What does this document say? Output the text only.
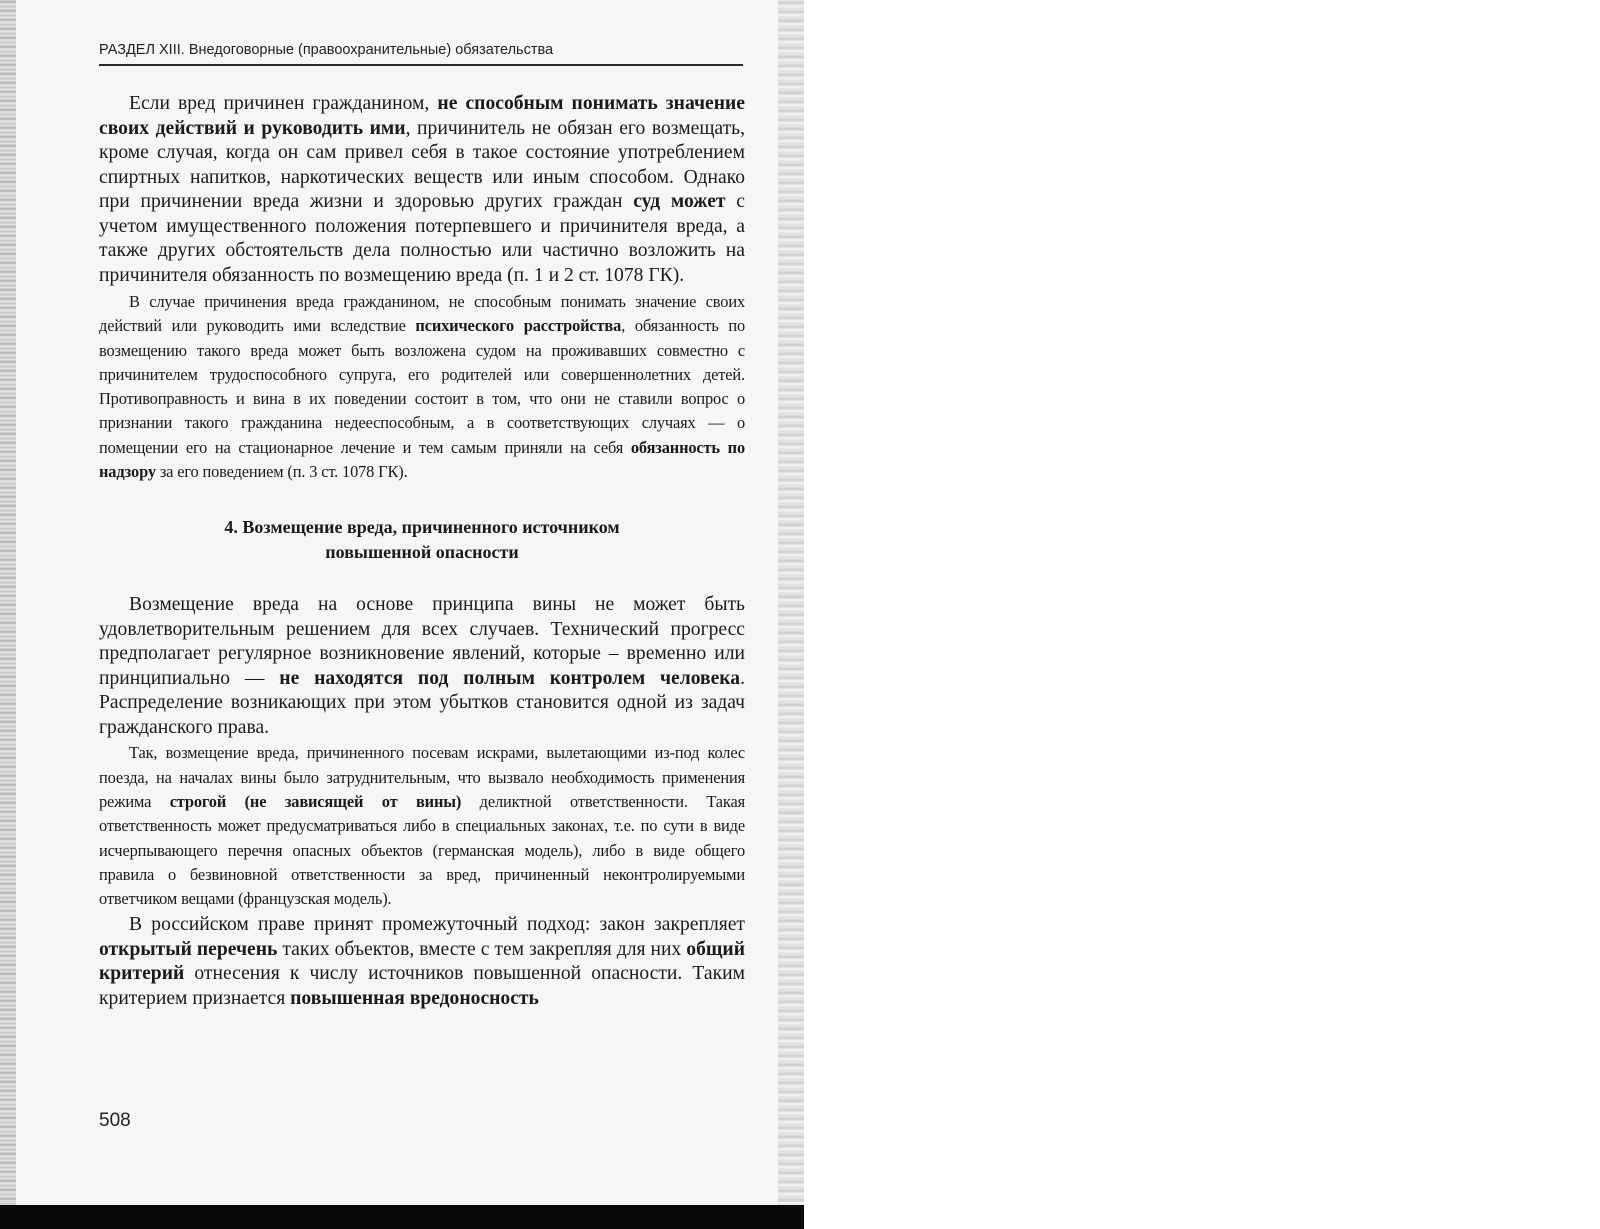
РАЗДЕЛ XIII. Внедоговорные (правоохранительные) обязательства

Если вред причинен гражданином, не способным понимать значение своих действий и руководить ими, причинитель не обязан его возмещать, кроме случая, когда он сам привел себя в такое состояние употреблением спиртных напитков, наркотических веществ или иным способом. Однако при причинении вреда жизни и здоровью других граждан суд может с учетом имущественного положения потерпевшего и причинителя вреда, а также других обстоятельств дела полностью или частично возложить на причинителя обязанность по возмещению вреда (п. 1 и 2 ст. 1078 ГК).

В случае причинения вреда гражданином, не способным понимать значение своих действий или руководить ими вследствие психического расстройства, обязанность по возмещению такого вреда может быть возложена судом на проживавших совместно с причинителем трудоспособного супруга, его родителей или совершеннолетних детей. Противоправность и вина в их поведении состоит в том, что они не ставили вопрос о признании такого гражданина недееспособным, а в соответствующих случаях — о помещении его на стационарное лечение и тем самым приняли на себя обязанность по надзору за его поведением (п. 3 ст. 1078 ГК).

4. Возмещение вреда, причиненного источником
повышенной опасности

Возмещение вреда на основе принципа вины не может быть удовлетворительным решением для всех случаев. Технический прогресс предполагает регулярное возникновение явлений, которые – временно или принципиально — не находятся под полным контролем человека. Распределение возникающих при этом убытков становится одной из задач гражданского права.

Так, возмещение вреда, причиненного посевам искрами, вылетающими из-под колес поезда, на началах вины было затруднительным, что вызвало необходимость применения режима строгой (не зависящей от вины) деликтной ответственности. Такая ответственность может предусматриваться либо в специальных законах, т.е. по сути в виде исчерпывающего перечня опасных объектов (германская модель), либо в виде общего правила о безвиновной ответственности за вред, причиненный неконтролируемыми ответчиком вещами (французская модель).

В российском праве принят промежуточный подход: закон закрепляет открытый перечень таких объектов, вместе с тем закрепляя для них общий критерий отнесения к числу источников повышенной опасности. Таким критерием признается повышенная вредоносность

508
